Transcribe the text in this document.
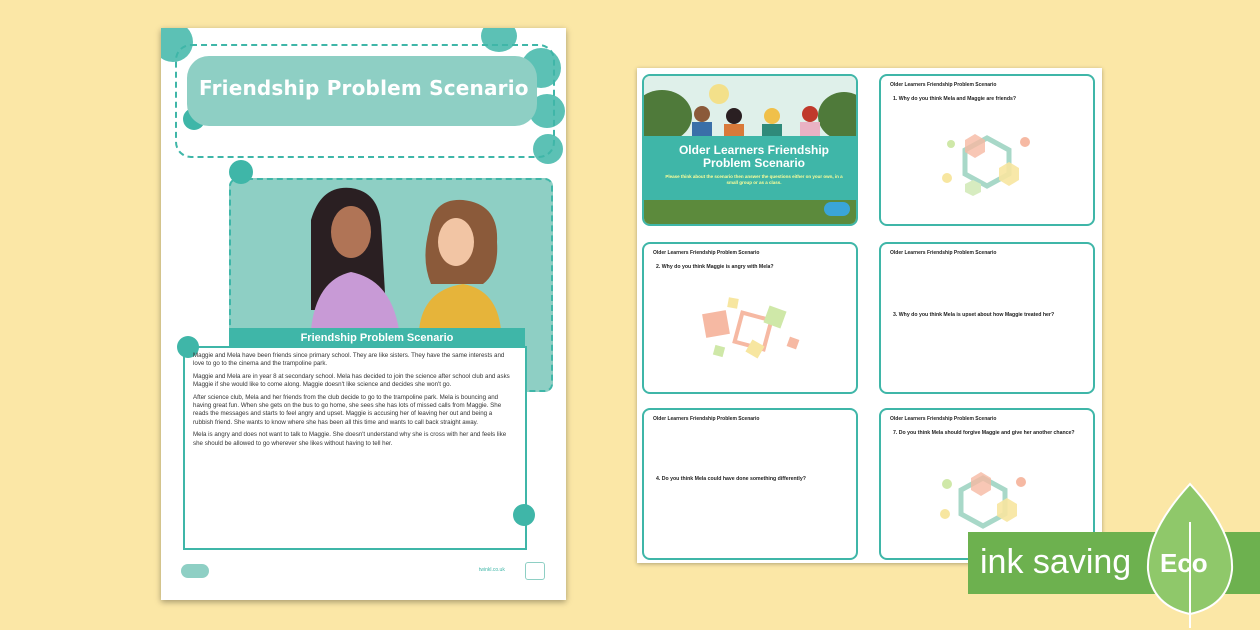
Friendship Problem Scenario
Friendship Problem Scenario

Maggie and Mela have been friends since primary school. They are like sisters. They have the same interests and love to go to the cinema and the trampoline park.

Maggie and Mela are in year 8 at secondary school. Mela has decided to join the science after school club and asks Maggie if she would like to come along. Maggie doesn't like science and decides she won't go.

After science club, Mela and her friends from the club decide to go to the trampoline park. Mela is bouncing and having great fun. When she gets on the bus to go home, she sees she has lots of missed calls from Maggie. She reads the messages and starts to feel angry and upset. Maggie is accusing her of leaving her out and being a rubbish friend. She wants to know where she has been all this time and wants to call back straight away.

Mela is angry and does not want to talk to Maggie. She doesn't understand why she is cross with her and feels like she should be allowed to go wherever she likes without having to tell her.

twinkl.co.uk
Older Learners Friendship Problem Scenario
Please think about the scenario then answer the questions either on your own, in a small group or as a class.
Older Learners Friendship Problem Scenario
1. Why do you think Mela and Maggie are friends?
Older Learners Friendship Problem Scenario
2. Why do you think Maggie is angry with Mela?
Older Learners Friendship Problem Scenario
3. Why do you think Mela is upset about how Maggie treated her?
Older Learners Friendship Problem Scenario
4. Do you think Mela could have done something differently?
Older Learners Friendship Problem Scenario
7. Do you think Mela should forgive Maggie and give her another chance?
ink saving Eco
